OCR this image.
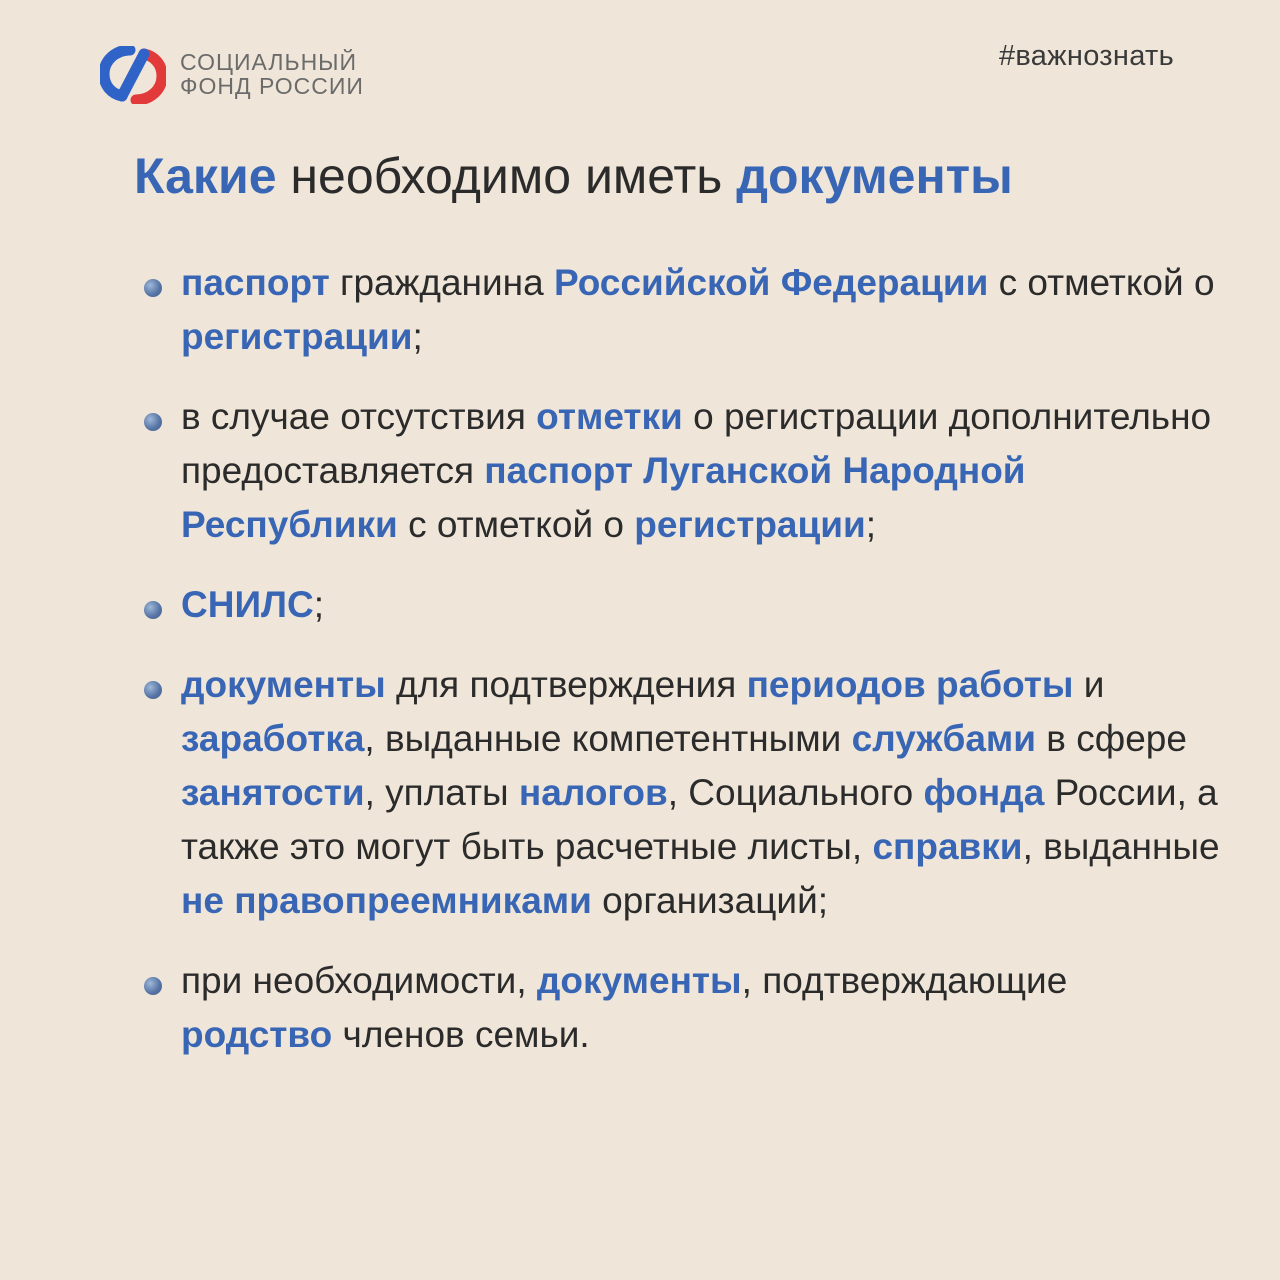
СОЦИАЛЬНЫЙ
ФОНД РОССИИ
#важнознать
Какие необходимо иметь документы
паспорт гражданина Российской Федерации с отметкой о регистрации;
в случае отсутствия отметки о регистрации дополнительно предоставляется паспорт Луганской Народной Республики с отметкой о регистрации;
СНИЛС;
документы для подтверждения периодов работы и заработка, выданные компетентными службами в сфере занятости, уплаты налогов, Социального фонда России, а также это могут быть расчетные листы, справки, выданные не правопреемниками организаций;
при необходимости, документы, подтверждающие родство членов семьи.
